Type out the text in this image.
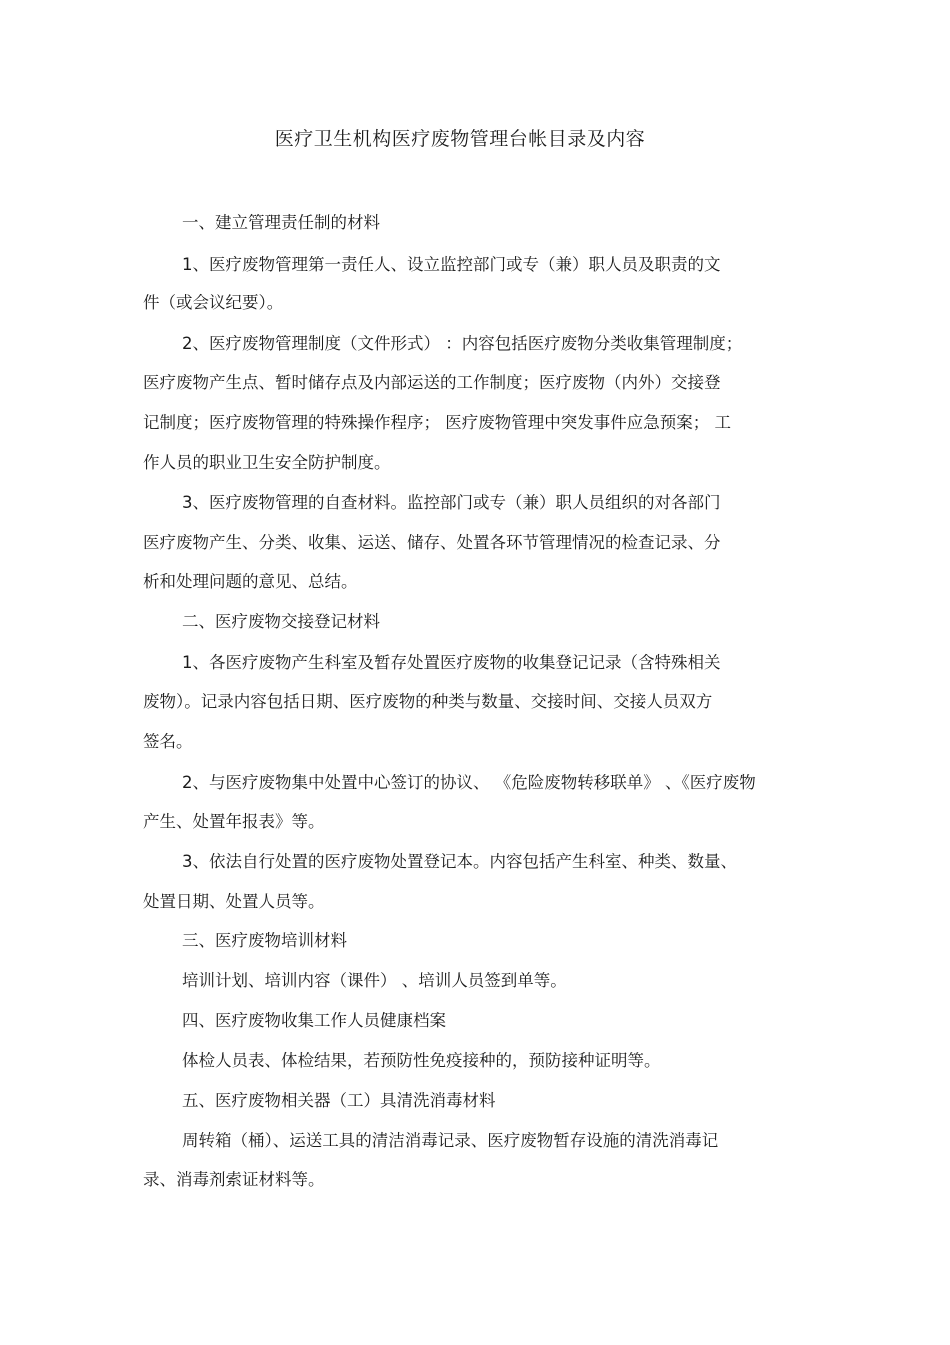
医疗卫生机构医疗废物管理台帐目录及内容

一、建立管理责任制的材料

1、医疗废物管理第一责任人、设立监控部门或专（兼）职人员及职责的文

件（或会议纪要）。

2、医疗废物管理制度（文件形式） ：内容包括医疗废物分类收集管理制度；

医疗废物产生点、暂时储存点及内部运送的工作制度；医疗废物（内外）交接登

记制度；医疗废物管理的特殊操作程序； 医疗废物管理中突发事件应急预案； 工

作人员的职业卫生安全防护制度。

3、医疗废物管理的自查材料。监控部门或专（兼）职人员组织的对各部门

医疗废物产生、分类、收集、运送、储存、处置各环节管理情况的检查记录、分

析和处理问题的意见、总结。

二、医疗废物交接登记材料

1、各医疗废物产生科室及暂存处置医疗废物的收集登记记录（含特殊相关

废物）。记录内容包括日期、医疗废物的种类与数量、交接时间、交接人员双方

签名。

2、与医疗废物集中处置中心签订的协议、 《危险废物转移联单》 、《医疗废物

产生、处置年报表》等。

3、依法自行处置的医疗废物处置登记本。内容包括产生科室、种类、数量、

处置日期、处置人员等。

三、医疗废物培训材料

培训计划、培训内容（课件） 、培训人员签到单等。

四、医疗废物收集工作人员健康档案

体检人员表、体检结果，若预防性免疫接种的，预防接种证明等。

五、医疗废物相关器（工）具清洗消毒材料

周转箱（桶）、运送工具的清洁消毒记录、医疗废物暂存设施的清洗消毒记

录、消毒剂索证材料等。
